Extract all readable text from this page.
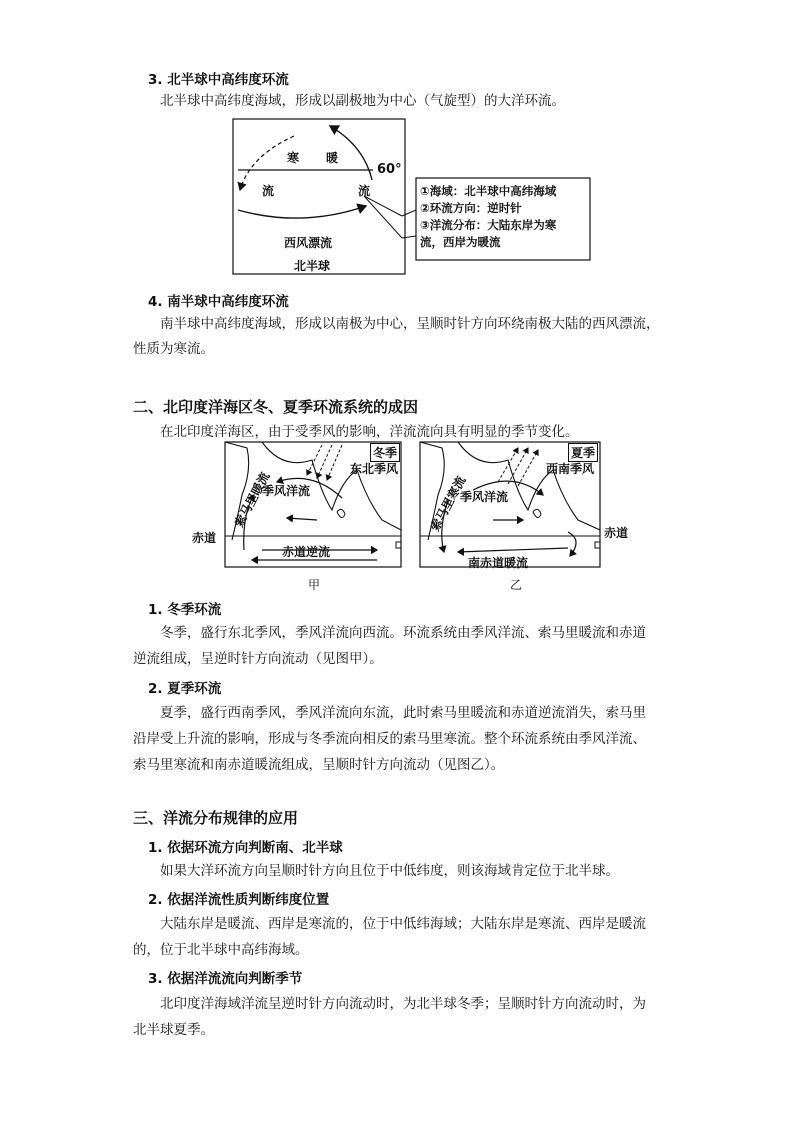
3. 北半球中高纬度环流
北半球中高纬度海域，形成以副极地为中心（气旋型）的大洋环流。
寒 暖
60°
流	流
西风漂流
北半球
①海域：北半球中高纬海域
②环流方向：逆时针
③洋流分布：大陆东岸为寒
流，西岸为暖流
4. 南半球中高纬度环流
南半球中高纬度海域，形成以南极为中心，呈顺时针方向环绕南极大陆的西风漂流，
性质为寒流。
二、北印度洋海区冬、夏季环流系统的成因
在北印度洋海区，由于受季风的影响，洋流流向具有明显的季节变化。
冬季
东北季风
季风洋流
索马里暖流
赤道逆流
赤道
甲
夏季
西南季风
季风洋流
索马里寒流
南赤道暖流
赤道
乙
1. 冬季环流
冬季，盛行东北季风，季风洋流向西流。环流系统由季风洋流、索马里暖流和赤道
逆流组成，呈逆时针方向流动（见图甲）。
2. 夏季环流
夏季，盛行西南季风，季风洋流向东流，此时索马里暖流和赤道逆流消失，索马里
沿岸受上升流的影响，形成与冬季流向相反的索马里寒流。整个环流系统由季风洋流、
索马里寒流和南赤道暖流组成，呈顺时针方向流动（见图乙）。
三、洋流分布规律的应用
1. 依据环流方向判断南、北半球
如果大洋环流方向呈顺时针方向且位于中低纬度，则该海域肯定位于北半球。
2. 依据洋流性质判断纬度位置
大陆东岸是暖流、西岸是寒流的，位于中低纬海域；大陆东岸是寒流、西岸是暖流
的，位于北半球中高纬海域。
3. 依据洋流流向判断季节
北印度洋海域洋流呈逆时针方向流动时，为北半球冬季；呈顺时针方向流动时，为
北半球夏季。
